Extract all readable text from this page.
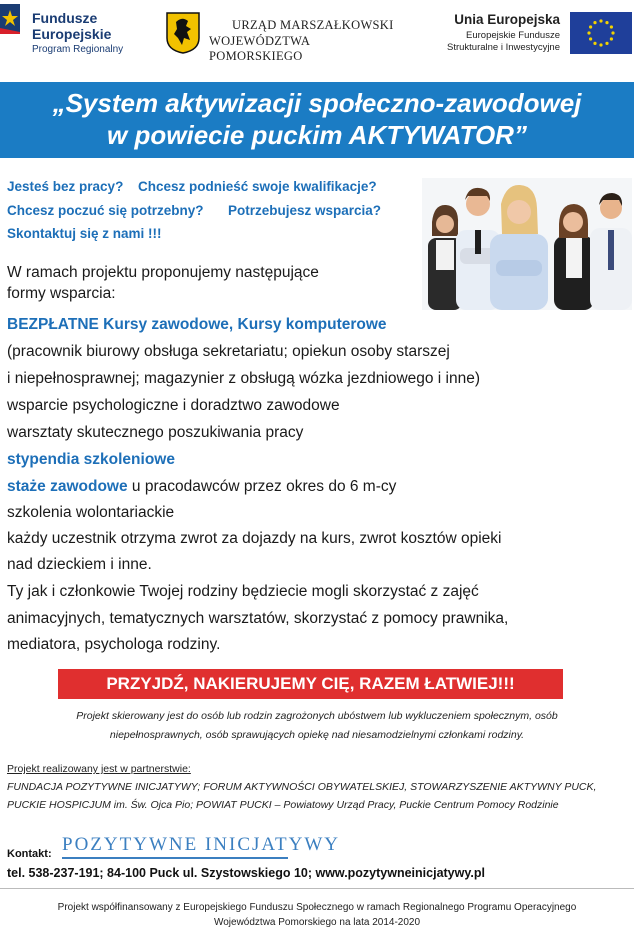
Fundusze
Europejskie
Program Regionalny
URZĄD MARSZAŁKOWSKI
WOJEWÓDZTWA POMORSKIEGO
Unia Europejska
Europejskie Fundusze
Strukturalne i Inwestycyjne
„System aktywizacji społeczno-zawodowej
w powiecie puckim AKTYWATOR”
Jesteś bez pracy? Chcesz podnieść swoje kwalifikacje?
Chcesz poczuć się potrzebny? Potrzebujesz wsparcia?
Skontaktuj się z nami !!!
W ramach projektu proponujemy następujące
formy wsparcia:
BEZPŁATNE Kursy zawodowe, Kursy komputerowe
(pracownik biurowy obsługa sekretariatu; opiekun osoby starszej
i niepełnosprawnej; magazynier z obsługą wózka jezdniowego i inne)
wsparcie psychologiczne i doradztwo zawodowe
warsztaty skutecznego poszukiwania pracy
stypendia szkoleniowe
staże zawodowe u pracodawców przez okres do 6 m-cy
szkolenia wolontariackie
każdy uczestnik otrzyma zwrot za dojazdy na kurs, zwrot kosztów opieki
nad dzieckiem i inne.
Ty jak i członkowie Twojej rodziny będziecie mogli skorzystać z zajęć
animacyjnych, tematycznych warsztatów, skorzystać z pomocy prawnika,
mediatora, psychologa rodziny.
PRZYJDŹ, NAKIERUJEMY CIĘ, RAZEM ŁATWIEJ!!!
Projekt skierowany jest do osób lub rodzin zagrożonych ubóstwem lub wykluczeniem społecznym, osób
niepełnosprawnych, osób sprawujących opiekę nad niesamodzielnymi członkami rodziny.
Projekt realizowany jest w partnerstwie:
FUNDACJA POZYTYWNE INICJATYWY; FORUM AKTYWNOŚCI OBYWATELSKIEJ, STOWARZYSZENIE AKTYWNY PUCK,
PUCKIE HOSPICJUM im. Św. Ojca Pio; POWIAT PUCKI – Powiatowy Urząd Pracy, Puckie Centrum Pomocy Rodzinie
Kontakt: POZYTYWNE INICJATYWY
tel. 538-237-191; 84-100 Puck ul. Szystowskiego 10; www.pozytywneinicjatywy.pl
Projekt współfinansowany z Europejskiego Funduszu Społecznego w ramach Regionalnego Programu Operacyjnego
Województwa Pomorskiego na lata 2014-2020
